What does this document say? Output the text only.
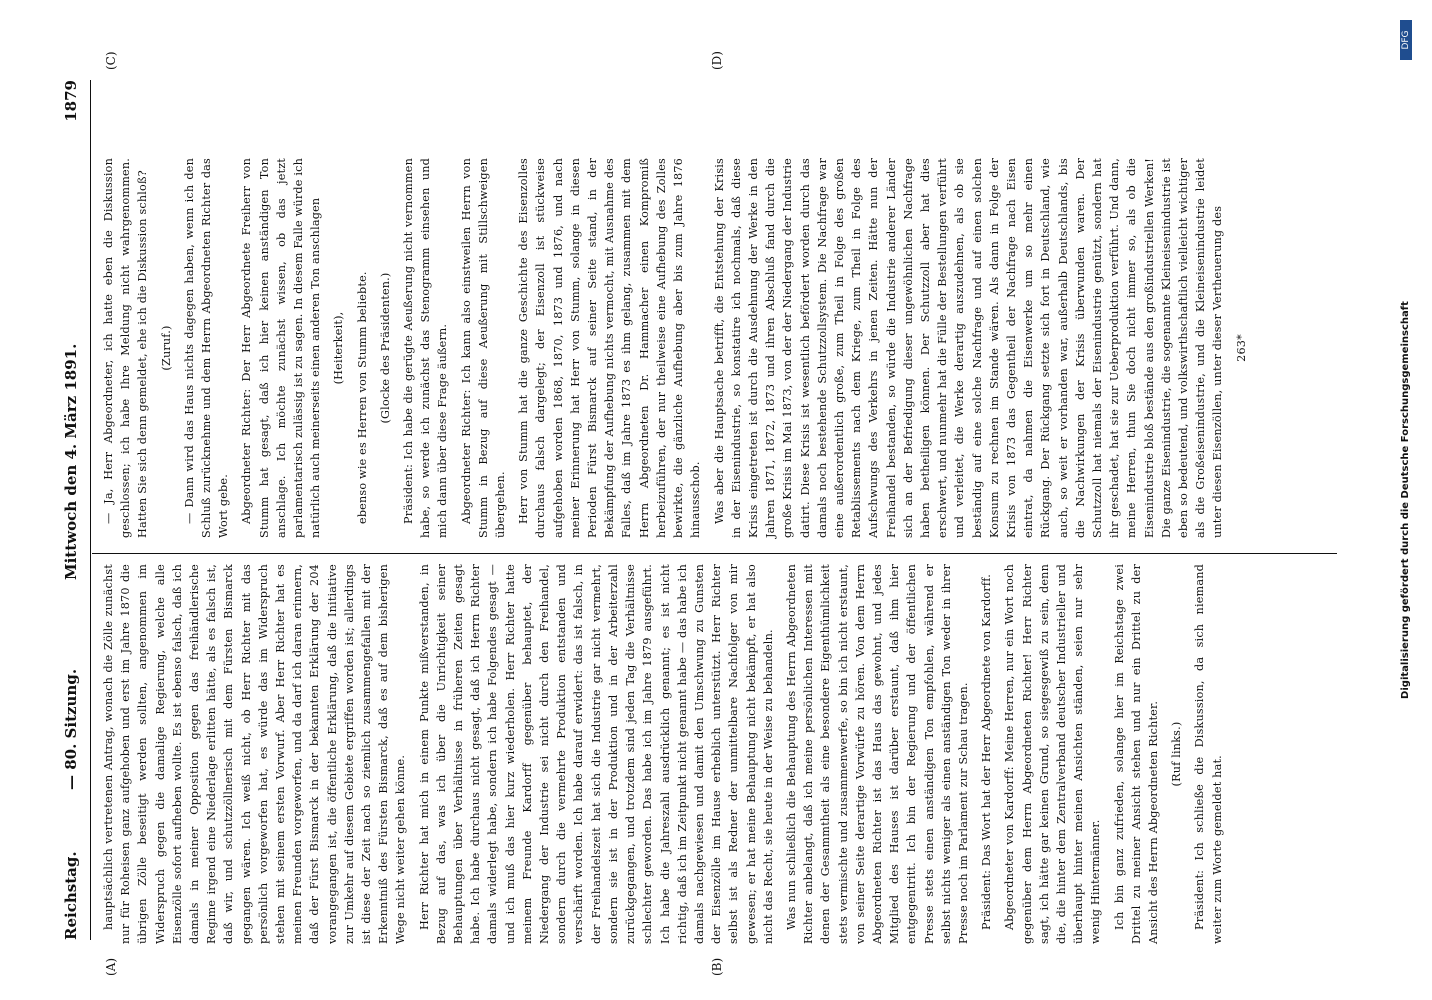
Reichstag.
— 80. Sitzung.
Mittwoch den 4. März 1891.
1879
(A)	(B)
(C)	(D)

hauptsächlich vertretenen Antrag, wonach die Zölle zunächst nur für Roheisen ganz aufgehoben und erst im Jahre 1870 die übrigen Zölle beseitigt werden sollten, angenommen im Widerspruch gegen die damalige Regierung, welche alle Eisenzölle sofort aufheben wollte. Es ist ebenso falsch, daß ich damals in meiner Opposition gegen das freihändlerische Regime irgend eine Niederlage erlitten hätte, als es falsch ist, daß wir, und schutzzöllnerisch mit dem Fürsten Bismarck gegangen wären. Ich weiß nicht, ob Herr Richter mit das persönlich vorgeworfen hat, es würde das im Widerspruch stehen mit seinem ersten Vorwurf. Aber Herr Richter hat es meinen Freunden vorgeworfen, und da darf ich daran erinnern, daß der Fürst Bismarck in der bekannten Erklärung der 204 vorangegangen ist, die öffentliche Erklärung, daß die Initiative zur Umkehr auf diesem Gebiete ergriffen worden ist; allerdings ist diese der Zeit nach so ziemlich zusammengefallen mit der Erkenntniß des Fürsten Bismarck, daß es auf dem bisherigen Wege nicht weiter gehen könne. Herr Richter hat mich in einem Punkte mißverstanden, in Bezug auf das, was ich über die Unrichtigkeit seiner Behauptungen über Verhältnisse in früheren Zeiten gesagt habe. Ich habe durchaus nicht gesagt, daß ich Herrn Richter damals widerlegt habe, sondern ich habe Folgendes gesagt — und ich muß das hier kurz wiederholen. Herr Richter hatte meinem Freunde Kardorff gegenüber behauptet, der Niedergang der Industrie sei nicht durch den Freihandel, sondern durch die vermehrte Produktion entstanden und verschärft worden. Ich habe darauf erwidert: das ist falsch, in der Freihandelszeit hat sich die Industrie gar nicht vermehrt, sondern sie ist in der Produktion und in der Arbeiterzahl zurückgegangen, und trotzdem sind jeden Tag die Verhältnisse schlechter geworden. Das habe ich im Jahre 1879 ausgeführt. Ich habe die Jahreszahl ausdrücklich genannt; es ist nicht richtig, daß ich im Zeitpunkt nicht genannt habe — das habe ich damals nachgewiesen und damit den Umschwung zu Gunsten der Eisenzölle im Hause erheblich unterstützt. Herr Richter selbst ist als Redner der unmittelbare Nachfolger von mir gewesen; er hat meine Behauptung nicht bekämpft, er hat also nicht das Recht, sie heute in der Weise zu behandeln. Was nun schließlich die Behauptung des Herrn Abgeordneten Richter anbelangt, daß ich meine persönlichen Interessen mit denen der Gesammtheit als eine besondere Eigenthümlichkeit stets vermischte und zusammenwerfe, so bin ich nicht erstaunt, von seiner Seite derartige Vorwürfe zu hören. Von dem Herrn Abgeordneten Richter ist das Haus das gewohnt, und jedes Mitglied des Hauses ist darüber erstaunt, daß ihm hier entgegentritt. Ich bin der Regierung und der öffentlichen Presse stets einen anständigen Ton empfohlen, während er selbst nichts weniger als einen anständigen Ton weder in ihrer Presse noch im Parlament zur Schau tragen. Präsident: Das Wort hat der Herr Abgeordnete von Kardorff. Abgeordneter von Kardorff: Meine Herren, nur ein Wort noch gegenüber dem Herrn Abgeordneten Richter! Herr Richter sagt, ich hätte gar keinen Grund, so siegesgewiß zu sein, denn die, die hinter dem Zentralverband deutscher Industrieller und überhaupt hinter meinen Ansichten ständen, seien nur sehr wenig Hintermänner. Ich bin ganz zufrieden, solange hier im Reichstage zwei Drittel zu meiner Ansicht stehen und nur ein Drittel zu der Ansicht des Herrn Abgeordneten Richter. (Ruf links.) Präsident: Ich schließe die Diskussion, da sich niemand weiter zum Worte gemeldet hat.

— Ja, Herr Abgeordneter, ich hatte eben die Diskussion geschlossen; ich habe Ihre Meldung nicht wahrgenommen. Hatten Sie sich denn gemeldet, ehe ich die Diskussion schloß? (Zuruf.) — Dann wird das Haus nichts dagegen haben, wenn ich den Schluß zurücknehme und dem Herrn Abgeordneten Richter das Wort gebe. Abgeordneter Richter: Der Herr Abgeordnete Freiherr von Stumm hat gesagt, daß ich hier keinen anständigen Ton anschlage. Ich möchte zunächst wissen, ob das jetzt parlamentarisch zulässig ist zu sagen. In diesem Falle würde ich natürlich auch meinerseits einen anderen Ton anschlagen (Heiterkeit), ebenso wie es Herren von Stumm beliebte. (Glocke des Präsidenten.) Präsident: Ich habe die gerügte Aeußerung nicht vernommen habe, so werde ich zunächst das Stenogramm einsehen und mich dann über diese Frage äußern. Abgeordneter Richter: Ich kann also einstweilen Herrn von Stumm in Bezug auf diese Aeußerung mit Stillschweigen übergehen. Herr von Stumm hat die ganze Geschichte des Eisenzolles durchaus falsch dargelegt; der Eisenzoll ist stückweise aufgehoben worden 1868, 1870, 1873 und 1876, und nach meiner Erinnerung hat Herr von Stumm, solange in diesen Perioden Fürst Bismarck auf seiner Seite stand, in der Bekämpfung der Aufhebung nichts vermocht, mit Ausnahme des Falles, daß im Jahre 1873 es ihm gelang, zusammen mit dem Herrn Abgeordneten Dr. Hammacher einen Kompromiß herbeizuführen, der nur theilweise eine Aufhebung des Zolles bewirkte, die gänzliche Aufhebung aber bis zum Jahre 1876 hinausschob. Was aber die Hauptsache betrifft, die Entstehung der Krisis in der Eisenindustrie, so konstatire ich nochmals, daß diese Krisis eingetreten ist durch die Ausdehnung der Werke in den Jahren 1871, 1872, 1873 und ihren Abschluß fand durch die große Krisis im Mai 1873, von der der Niedergang der Industrie datirt. Diese Krisis ist wesentlich befördert worden durch das damals noch bestehende Schutzzollsystem. Die Nachfrage war eine außerordentlich große, zum Theil in Folge des großen Retablissements nach dem Kriege, zum Theil in Folge des Aufschwungs des Verkehrs in jenen Zeiten. Hätte nun der Freihandel bestanden, so würde die Industrie anderer Länder sich an der Befriedigung dieser ungewöhnlichen Nachfrage haben betheiligen können. Der Schutzzoll aber hat dies erschwert, und nunmehr hat die Fülle der Bestellungen verführt und verleitet, die Werke derartig auszudehnen, als ob sie beständig auf eine solche Nachfrage und auf einen solchen Konsum zu rechnen im Stande wären. Als dann in Folge der Krisis von 1873 das Gegentheil der Nachfrage nach Eisen eintrat, da nahmen die Eisenwerke um so mehr einen Rückgang. Der Rückgang setzte sich fort in Deutschland, wie auch, so weit er vorhanden war, außerhalb Deutschlands, bis die Nachwirkungen der Krisis überwunden waren. Der Schutzzoll hat niemals der Eisenindustrie genützt, sondern hat ihr geschadet, hat sie zur Ueberproduktion verführt. Und dann, meine Herren, thun Sie doch nicht immer so, als ob die Eisenindustrie bloß bestände aus den großindustriellen Werken! Die ganze Eisenindustrie, die sogenannte Kleineisenindustrie ist eben so bedeutend, und volkswirthschaftlich vielleicht wichtiger als die Großeisenindustrie, und die Kleineisenindustrie leidet unter diesen Eisenzöllen, unter dieser Vertheuerung des 263*	Digitalisierung gefördert durch die Deutsche Forschungsgemeinschaft
DFG
